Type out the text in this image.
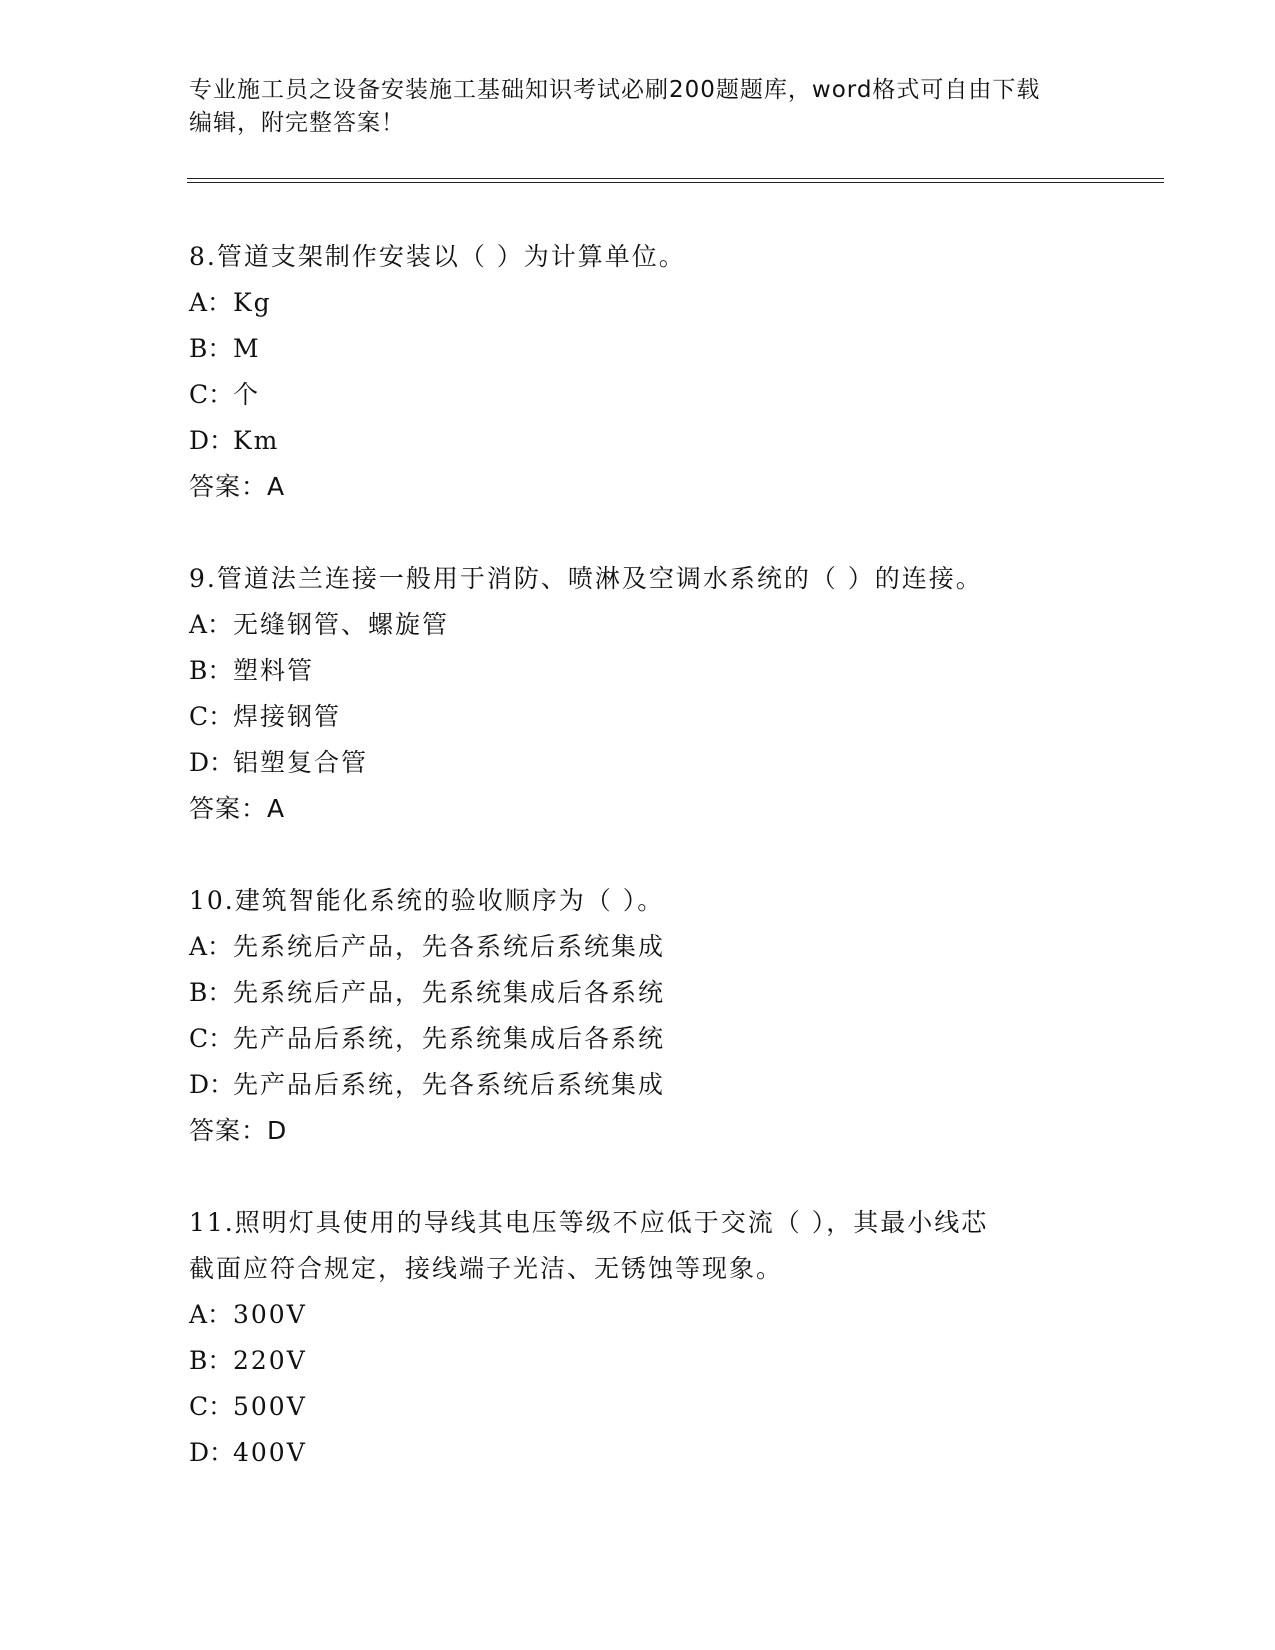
专业施工员之设备安装施工基础知识考试必刷200题题库，word格式可自由下载
编辑，附完整答案！

8.管道支架制作安装以（ ）为计算单位。

A：Kg

B：M

C：个

D：Km

答案：A

9.管道法兰连接一般用于消防、喷淋及空调水系统的（ ）的连接。

A：无缝钢管、螺旋管

B：塑料管

C：焊接钢管

D：铝塑复合管

答案：A

10.建筑智能化系统的验收顺序为（ ）。

A：先系统后产品，先各系统后系统集成

B：先系统后产品，先系统集成后各系统

C：先产品后系统，先系统集成后各系统

D：先产品后系统，先各系统后系统集成

答案：D

11.照明灯具使用的导线其电压等级不应低于交流（ ），其最小线芯

截面应符合规定，接线端子光洁、无锈蚀等现象。

A：300V

B：220V

C：500V

D：400V
